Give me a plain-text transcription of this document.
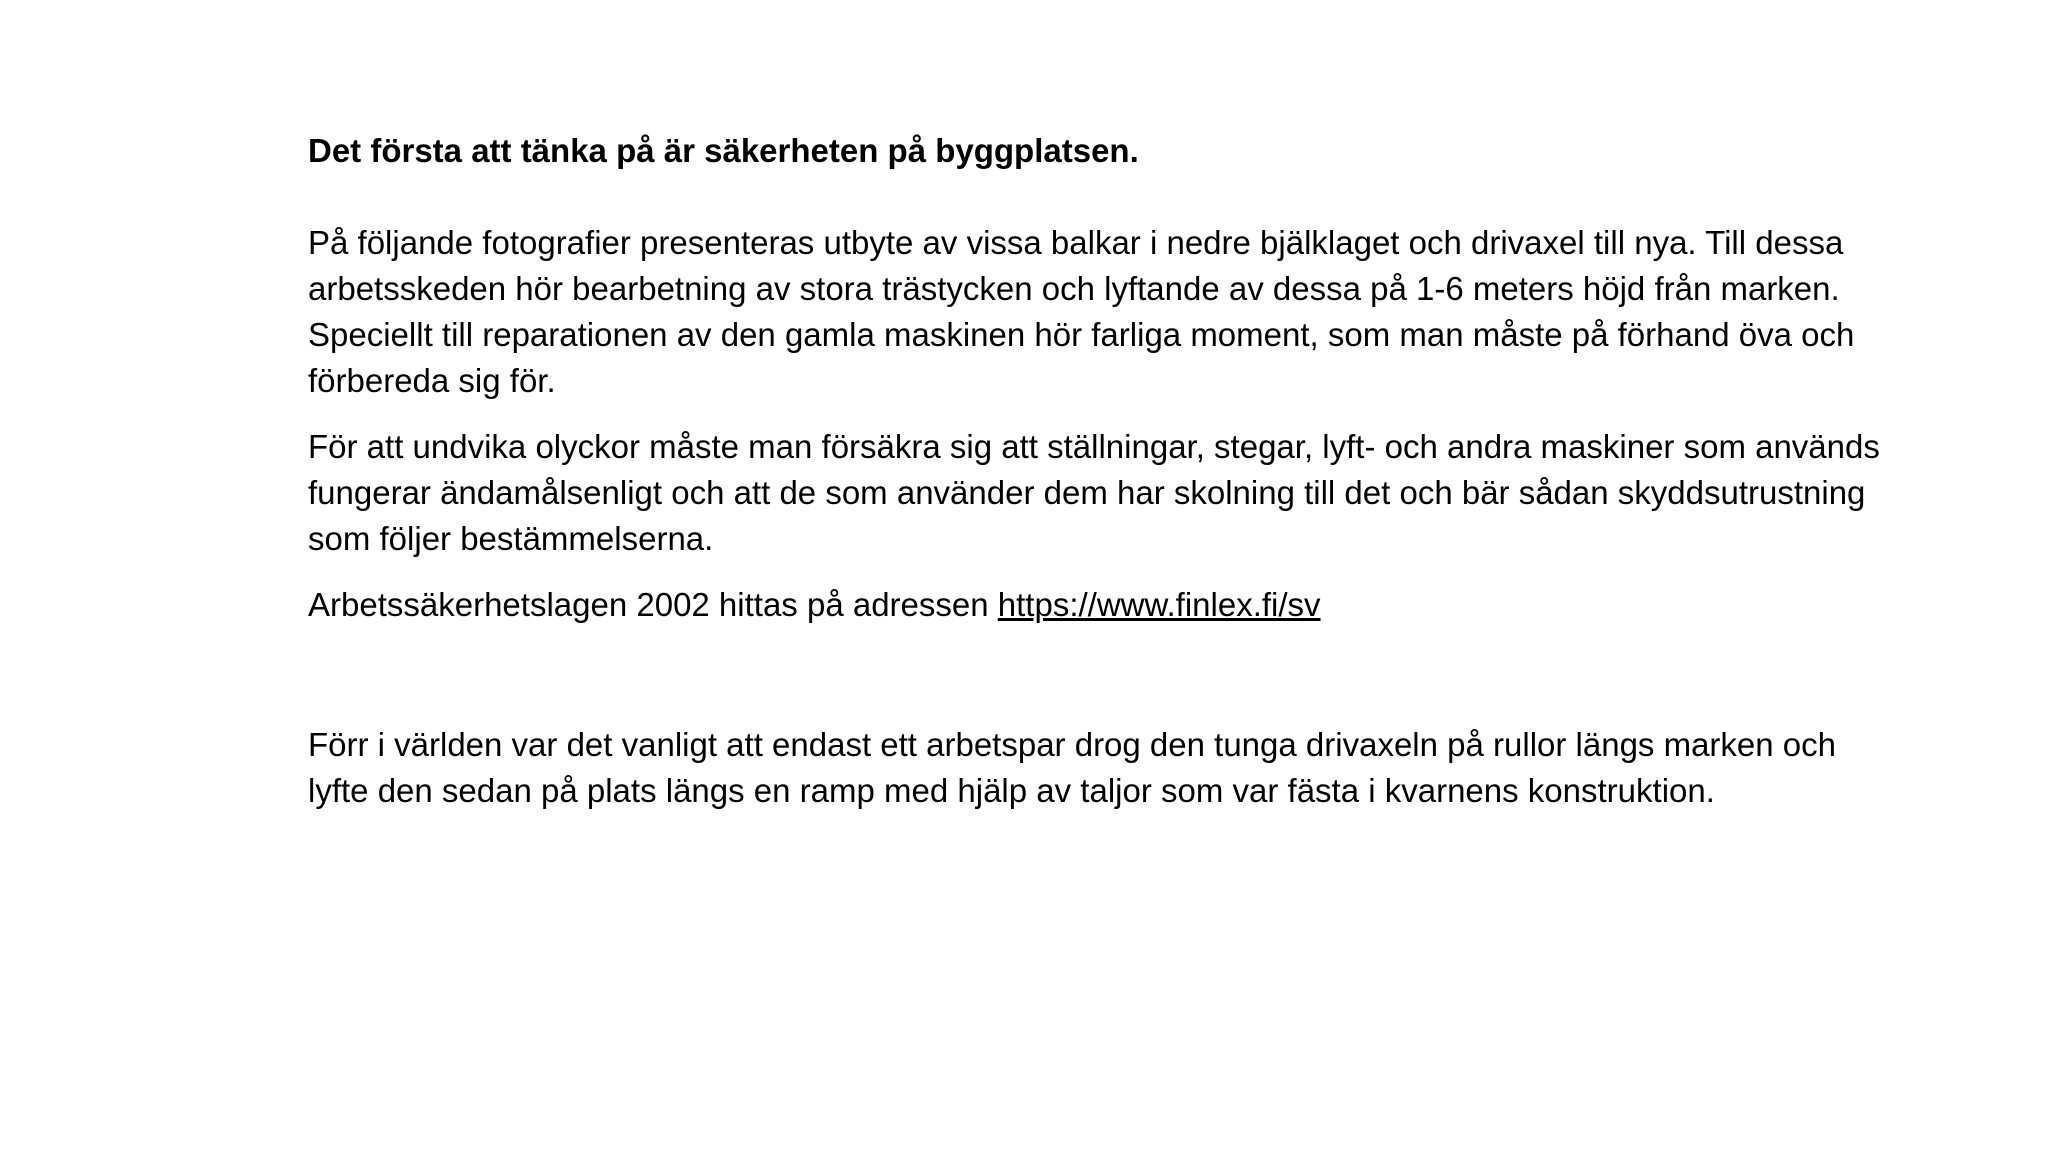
Det första att tänka på är säkerheten på byggplatsen.
På följande fotografier presenteras utbyte av vissa balkar i nedre bjälklaget och drivaxel till nya. Till dessa arbetsskeden hör bearbetning av stora trästycken och lyftande av dessa på 1-6 meters höjd från marken. Speciellt till reparationen av den gamla maskinen hör farliga moment, som man måste på förhand öva och förbereda sig för.
För att undvika olyckor måste man försäkra sig att ställningar, stegar, lyft- och andra maskiner som används fungerar ändamålsenligt och att de som använder dem har skolning till det och bär sådan skyddsutrustning som följer bestämmelserna.
Arbetssäkerhetslagen 2002 hittas på adressen https://www.finlex.fi/sv
Förr i världen var det vanligt att endast ett arbetspar drog den tunga drivaxeln på rullor längs marken och lyfte den sedan på plats längs en ramp med hjälp av taljor som var fästa i kvarnens konstruktion.
